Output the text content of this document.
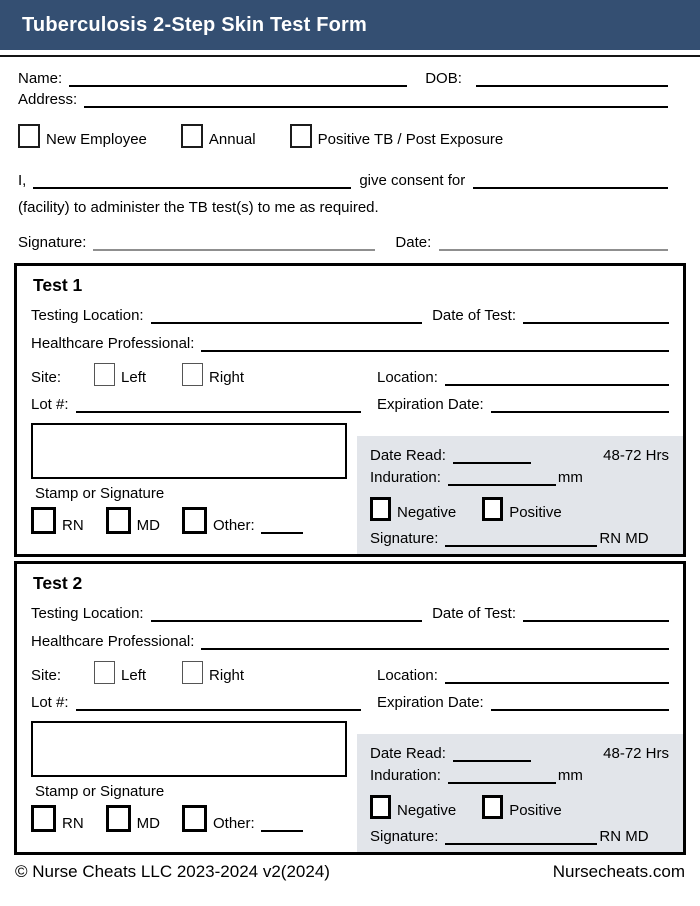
Tuberculosis 2-Step Skin Test Form
Name:	DOB:
Address:
New Employee	Annual	Positive TB / Post Exposure
I,	give consent for
(facility) to administer the TB test(s) to me as required.
Signature:	Date:
Test 1
Testing Location:	Date of Test:
Healthcare Professional:
Site:	Left	Right	Location:
Lot #:	Expiration Date:
Stamp or Signature
RN	MD	Other:
Date Read:	48-72 Hrs
Induration:	mm
Negative	Positive
Signature:	RN MD
Test 2
Testing Location:	Date of Test:
Healthcare Professional:
Site:	Left	Right	Location:
Lot #:	Expiration Date:
Stamp or Signature
RN	MD	Other:
Date Read:	48-72 Hrs
Induration:	mm
Negative	Positive
Signature:	RN MD
© Nurse Cheats LLC 2023-2024 v2(2024)	Nursecheats.com
